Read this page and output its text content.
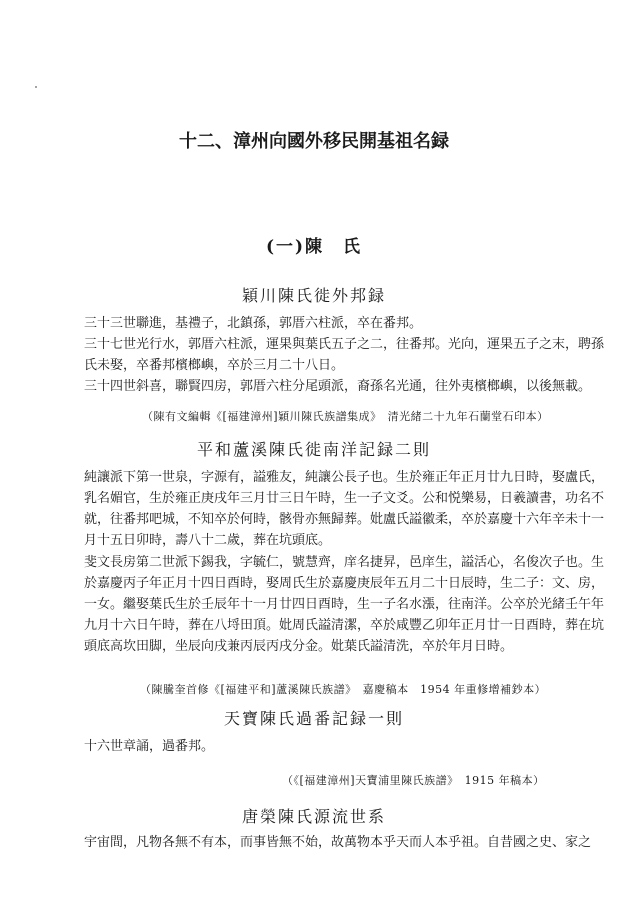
十二、漳州向國外移民開基祖名録
(一)陳　氏
穎川陳氏徙外邦録
三十三世聯進，基禮子，北鎮孫，郭厝六柱派，卒在番邦。
三十七世光行水，郭厝六柱派，運果與葉氏五子之二，往番邦。光向，運果五子之末，聘孫氏未娶，卒番邦檳榔嶼，卒於三月二十八日。
三十四世斜喜，聯賢四房，郭厝六柱分尾頭派，裔孫名光通，往外夷檳榔嶼，以後無載。
（陳有文編輯《[福建漳州]穎川陳氏族譜集成》　清光緒二十九年石蘭堂石印本）
平和蘆溪陳氏徙南洋記録二則
純讓派下第一世泉，字源有，謚雅友，純讓公長子也。生於雍正年正月廿九日時，娶盧氏，乳名媚官，生於雍正庚戌年三月廿三日午時，生一子文爻。公和悦樂易，日羲讀書，功名不就，往番邦吧城，不知卒於何時，骸骨亦無歸葬。妣盧氏謚徽柔，卒於嘉慶十六年辛未十一月十五日卯時，壽八十二歲，葬在坑頭底。
斐文長房第二世派下錫我，字毓仁，號慧齊，庠名捷昇，邑庠生，謚活心，名俊次子也。生於嘉慶丙子年正月十四日酉時，娶周氏生於嘉慶庚辰年五月二十日辰時，生二子：文、房，一女。繼娶葉氏生於壬辰年十一月廿四日酉時，生一子名水漲，往南洋。公卒於光緒壬午年九月十六日午時，葬在八埒田頂。妣周氏謚清潔，卒於咸豐乙卯年正月廿一日酉時，葬在坑頭底高坎田脚，坐辰向戌兼丙辰丙戌分金。妣葉氏謚清洗，卒於年月日時。
（陳騰奎首修《[福建平和]蘆溪陳氏族譜》　嘉慶稿本　1954 年重修增補鈔本）
天寶陳氏過番記録一則
十六世章誦，過番邦。
（《[福建漳州]天寶浦里陳氏族譜》　1915 年稿本）
唐榮陳氏源流世系
宇宙間，凡物各無不有本，而事皆無不始，故萬物本乎天而人本乎祖。自昔國之史、家之
